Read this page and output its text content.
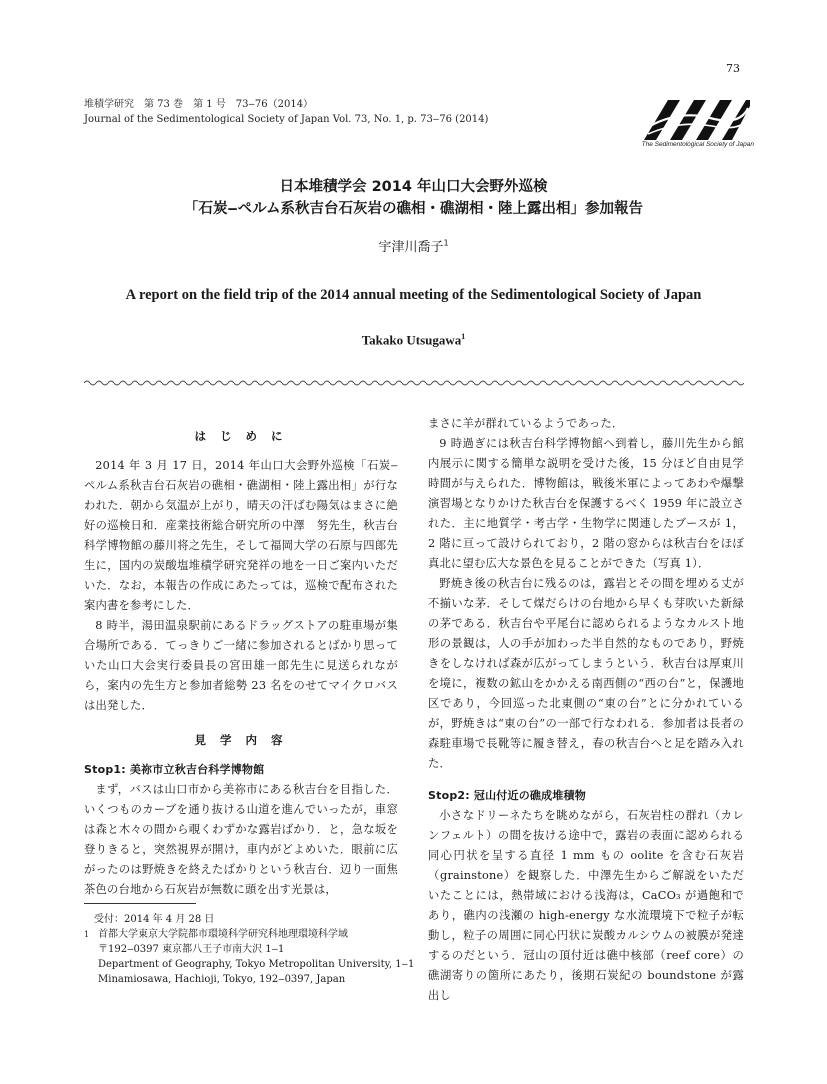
73
堆積学研究　第 73 巻　第 1 号　73‒76（2014）
Journal of the Sedimentological Society of Japan Vol. 73, No. 1, p. 73‒76 (2014)
The Sedimentological Society of Japan
日本堆積学会 2014 年山口大会野外巡検
「石炭‒ペルム系秋吉台石灰岩の礁相・礁湖相・陸上露出相」参加報告
宇津川喬子$^1$
A report on the field trip of the 2014 annual meeting of the Sedimentological Society of Japan
Takako Utsugawa$^1$
は じ め に

2014 年 3 月 17 日，2014 年山口大会野外巡検「石炭‒ペルム系秋吉台石灰岩の礁相・礁湖相・陸上露出相」が行なわれた．朝から気温が上がり，晴天の汗ばむ陽気はまさに絶好の巡検日和．産業技術総合研究所の中澤　努先生，秋吉台科学博物館の藤川将之先生，そして福岡大学の石原与四郎先生に，国内の炭酸塩堆積学研究発祥の地を一日ご案内いただいた．なお，本報告の作成にあたっては，巡検で配布された案内書を参考にした．

8 時半，湯田温泉駅前にあるドラッグストアの駐車場が集合場所である．てっきりご一緒に参加されるとばかり思っていた山口大会実行委員長の宮田雄一郎先生に見送られながら，案内の先生方と参加者総勢 23 名をのせてマイクロバスは出発した．

見 学 内 容
Stop1: 美祢市立秋吉台科学博物館

まず，バスは山口市から美祢市にある秋吉台を目指した．いくつものカーブを通り抜ける山道を進んでいったが，車窓は森と木々の間から覗くわずかな露岩ばかり．と，急な坂を登りきると，突然視界が開け，車内がどよめいた．眼前に広がったのは野焼きを終えたばかりという秋吉台．辺り一面焦茶色の台地から石灰岩が無数に頭を出す光景は，

まさに羊が群れているようであった．

9 時過ぎには秋吉台科学博物館へ到着し，藤川先生から館内展示に関する簡単な説明を受けた後，15 分ほど自由見学時間が与えられた．博物館は，戦後米軍によってあわや爆撃演習場となりかけた秋吉台を保護するべく 1959 年に設立された．主に地質学・考古学・生物学に関連したブースが 1，2 階に亘って設けられており，2 階の窓からは秋吉台をほぼ真北に望む広大な景色を見ることができた（写真 1）．

野焼き後の秋吉台に残るのは，露岩とその間を埋める丈が不揃いな茅．そして煤だらけの台地から早くも芽吹いた新緑の茅である．秋吉台や平尾台に認められるようなカルスト地形の景観は，人の手が加わった半自然的なものであり，野焼きをしなければ森が広がってしまうという．秋吉台は厚東川を境に，複数の鉱山をかかえる南西側の“西の台”と，保護地区であり，今回巡った北東側の“東の台”とに分かれているが，野焼きは“東の台”の一部で行なわれる．参加者は長者の森駐車場で長靴等に履き替え，春の秋吉台へと足を踏み入れた．

Stop2: 冠山付近の礁成堆積物

小さなドリーネたちを眺めながら，石灰岩柱の群れ（カレンフェルト）の間を抜ける途中で，露岩の表面に認められる同心円状を呈する直径 1 mm もの oolite を含む石灰岩（grainstone）を観察した．中澤先生からご解説をいただいたことには，熱帯域における浅海は，CaCO₃ が過飽和であり，礁内の浅瀬の high-energy な水流環境下で粒子が転動し，粒子の周囲に同心円状に炭酸カルシウムの被膜が発達するのだという．冠山の頂付近は礁中核部（reef core）の礁湖寄りの箇所にあたり，後期石炭紀の boundstone が露出し

受付：2014 年 4 月 28 日
1 首都大学東京大学院都市環境科学研究科地理環境科学域
〒192‒0397 東京都八王子市南大沢 1‒1
Department of Geography, Tokyo Metropolitan University, 1‒1
Minamiosawa, Hachioji, Tokyo, 192‒0397, Japan
